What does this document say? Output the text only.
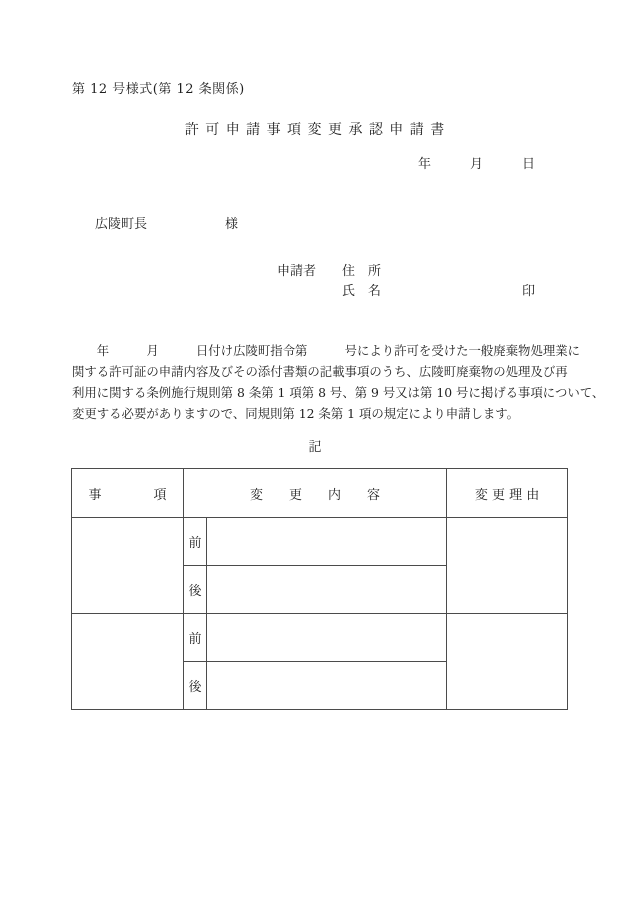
第 12 号様式(第 12 条関係)
許 可 申 請 事 項 変 更 承 認 申 請 書
年　　　月　　　日
広陵町長　　　　　　様
申請者　　住　所
　　　　　氏　名	印
　　年　　　月　　　日付け広陵町指令第　　　号により許可を受けた一般廃棄物処理業に
関する許可証の申請内容及びその添付書類の記載事項のうち、広陵町廃棄物の処理及び再
利用に関する条例施行規則第 8 条第 1 項第 8 号、第 9 号又は第 10 号に掲げる事項について、
変更する必要がありますので、同規則第 12 条第 1 項の規定により申請します。
記
事　　　　項	変　　更　　内　　容		変 更 理 由
	前		
	後		
	前		
	後		
